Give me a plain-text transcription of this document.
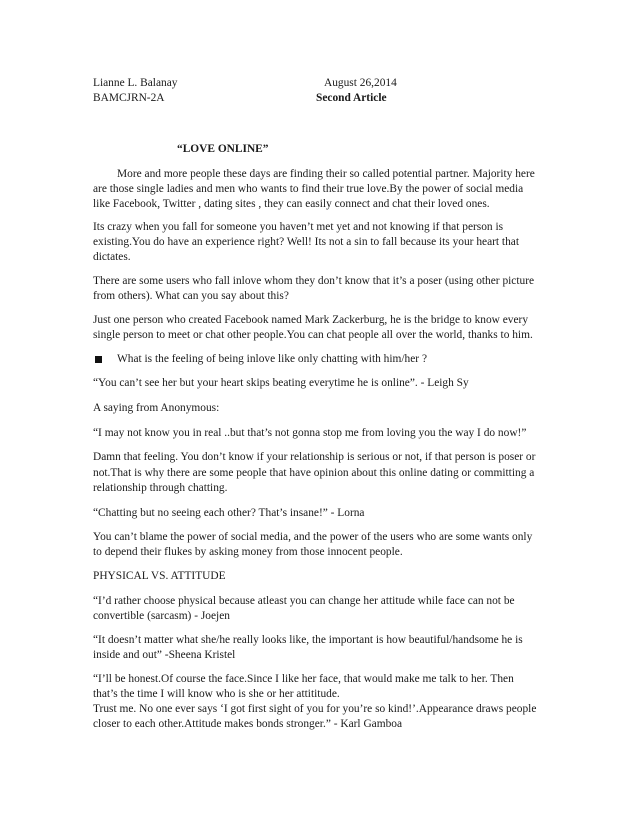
Lianne L. Balanay	August 26,2014
BAMCJRN-2A	Second Article
“LOVE ONLINE”
More and more people these days are finding their so called potential partner. Majority here
are those single ladies and men who wants to find their true love.By the power of social media
like Facebook, Twitter , dating sites , they can easily connect and chat their loved ones.
Its crazy when you fall for someone you haven’t met yet and not knowing if that person is
existing.You do have an experience right? Well! Its not a sin to fall because its your heart that
dictates.
There are some users who fall inlove whom they don’t know that it’s a poser (using other picture
from others). What can you say about this?
Just one person who created Facebook named Mark Zackerburg, he is the bridge to know every
single person to meet or chat other people.You can chat people all over the world, thanks to him.
What is the feeling of being inlove like only chatting with him/her ?
“You can’t see her but your heart skips beating everytime he is online”. - Leigh Sy
A saying from Anonymous:
“I may not know you in real ..but that’s not gonna stop me from loving you the way I do now!”
Damn that feeling. You don’t know if your relationship is serious or not, if that person is poser or
not.That is why there are some people that have opinion about this online dating or committing a
relationship through chatting.
“Chatting but no seeing each other? That’s insane!” - Lorna
You can’t blame the power of social media, and the power of the users who are some wants only
to depend their flukes by asking money from those innocent people.
PHYSICAL VS. ATTITUDE
“I’d rather choose physical because atleast you can change her attitude while face can not be
convertible (sarcasm) - Joejen
“It doesn’t matter what she/he really looks like, the important is how beautiful/handsome he is
inside and out” -Sheena Kristel
“I’ll be honest.Of course the face.Since I like her face, that would make me talk to her. Then
that’s the time I will know who is she or her attititude.
Trust me. No one ever says ‘I got first sight of you for you’re so kind!’.Appearance draws people
closer to each other.Attitude makes bonds stronger.” - Karl Gamboa
